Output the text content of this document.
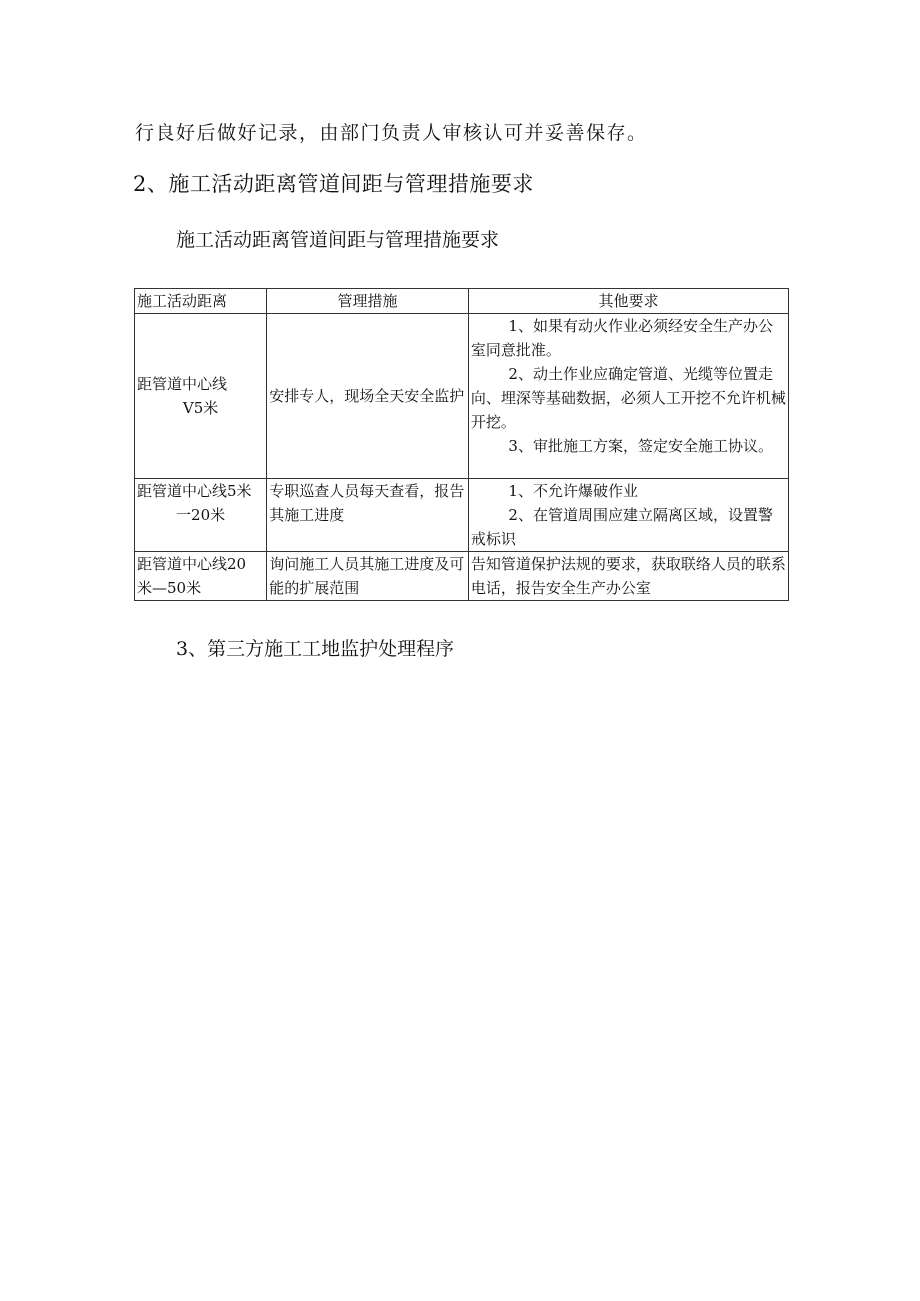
行良好后做好记录，由部门负责人审核认可并妥善保存。
2、施工活动距离管道间距与管理措施要求
施工活动距离管道间距与管理措施要求
施工活动距离	管理措施	其他要求

距管道中心线
V5米	安排专人，现场全天安全监护	1、如果有动火作业必须经安全生产办公室同意批准。
2、动土作业应确定管道、光缆等位置走向、埋深等基础数据，必须人工开挖不允许机械开挖。
3、审批施工方案，签定安全施工协议。

距管道中心线5米
一20米	专职巡查人员每天查看，报告其施工进度	1、不允许爆破作业
2、在管道周围应建立隔离区域，设置警戒标识

距管道中心线20
米—50米	询问施工人员其施工进度及可能的扩展范围	告知管道保护法规的要求，获取联络人员的联系电话，报告安全生产办公室
3、第三方施工工地监护处理程序
